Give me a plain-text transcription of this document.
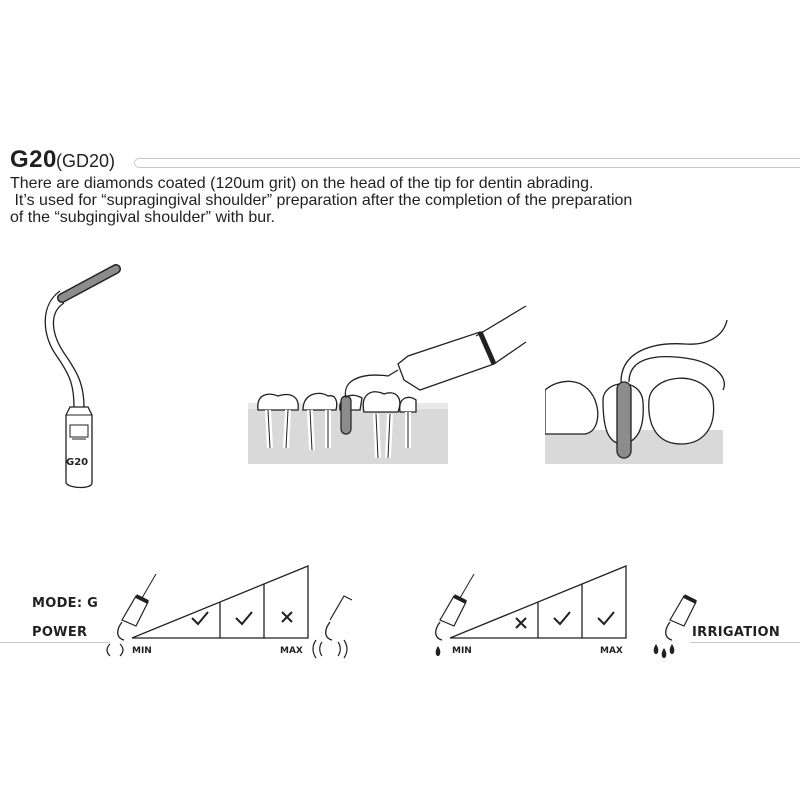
G20 (GD20)
There are diamonds coated (120um grit) on the head of the tip for dentin abrading.
It’s used for “supragingival shoulder” preparation after the completion of the preparation
of the “subgingival shoulder” with bur.
G20
MODE: G
POWER	IRRIGATION
MIN	MAX	MIN	MAX
